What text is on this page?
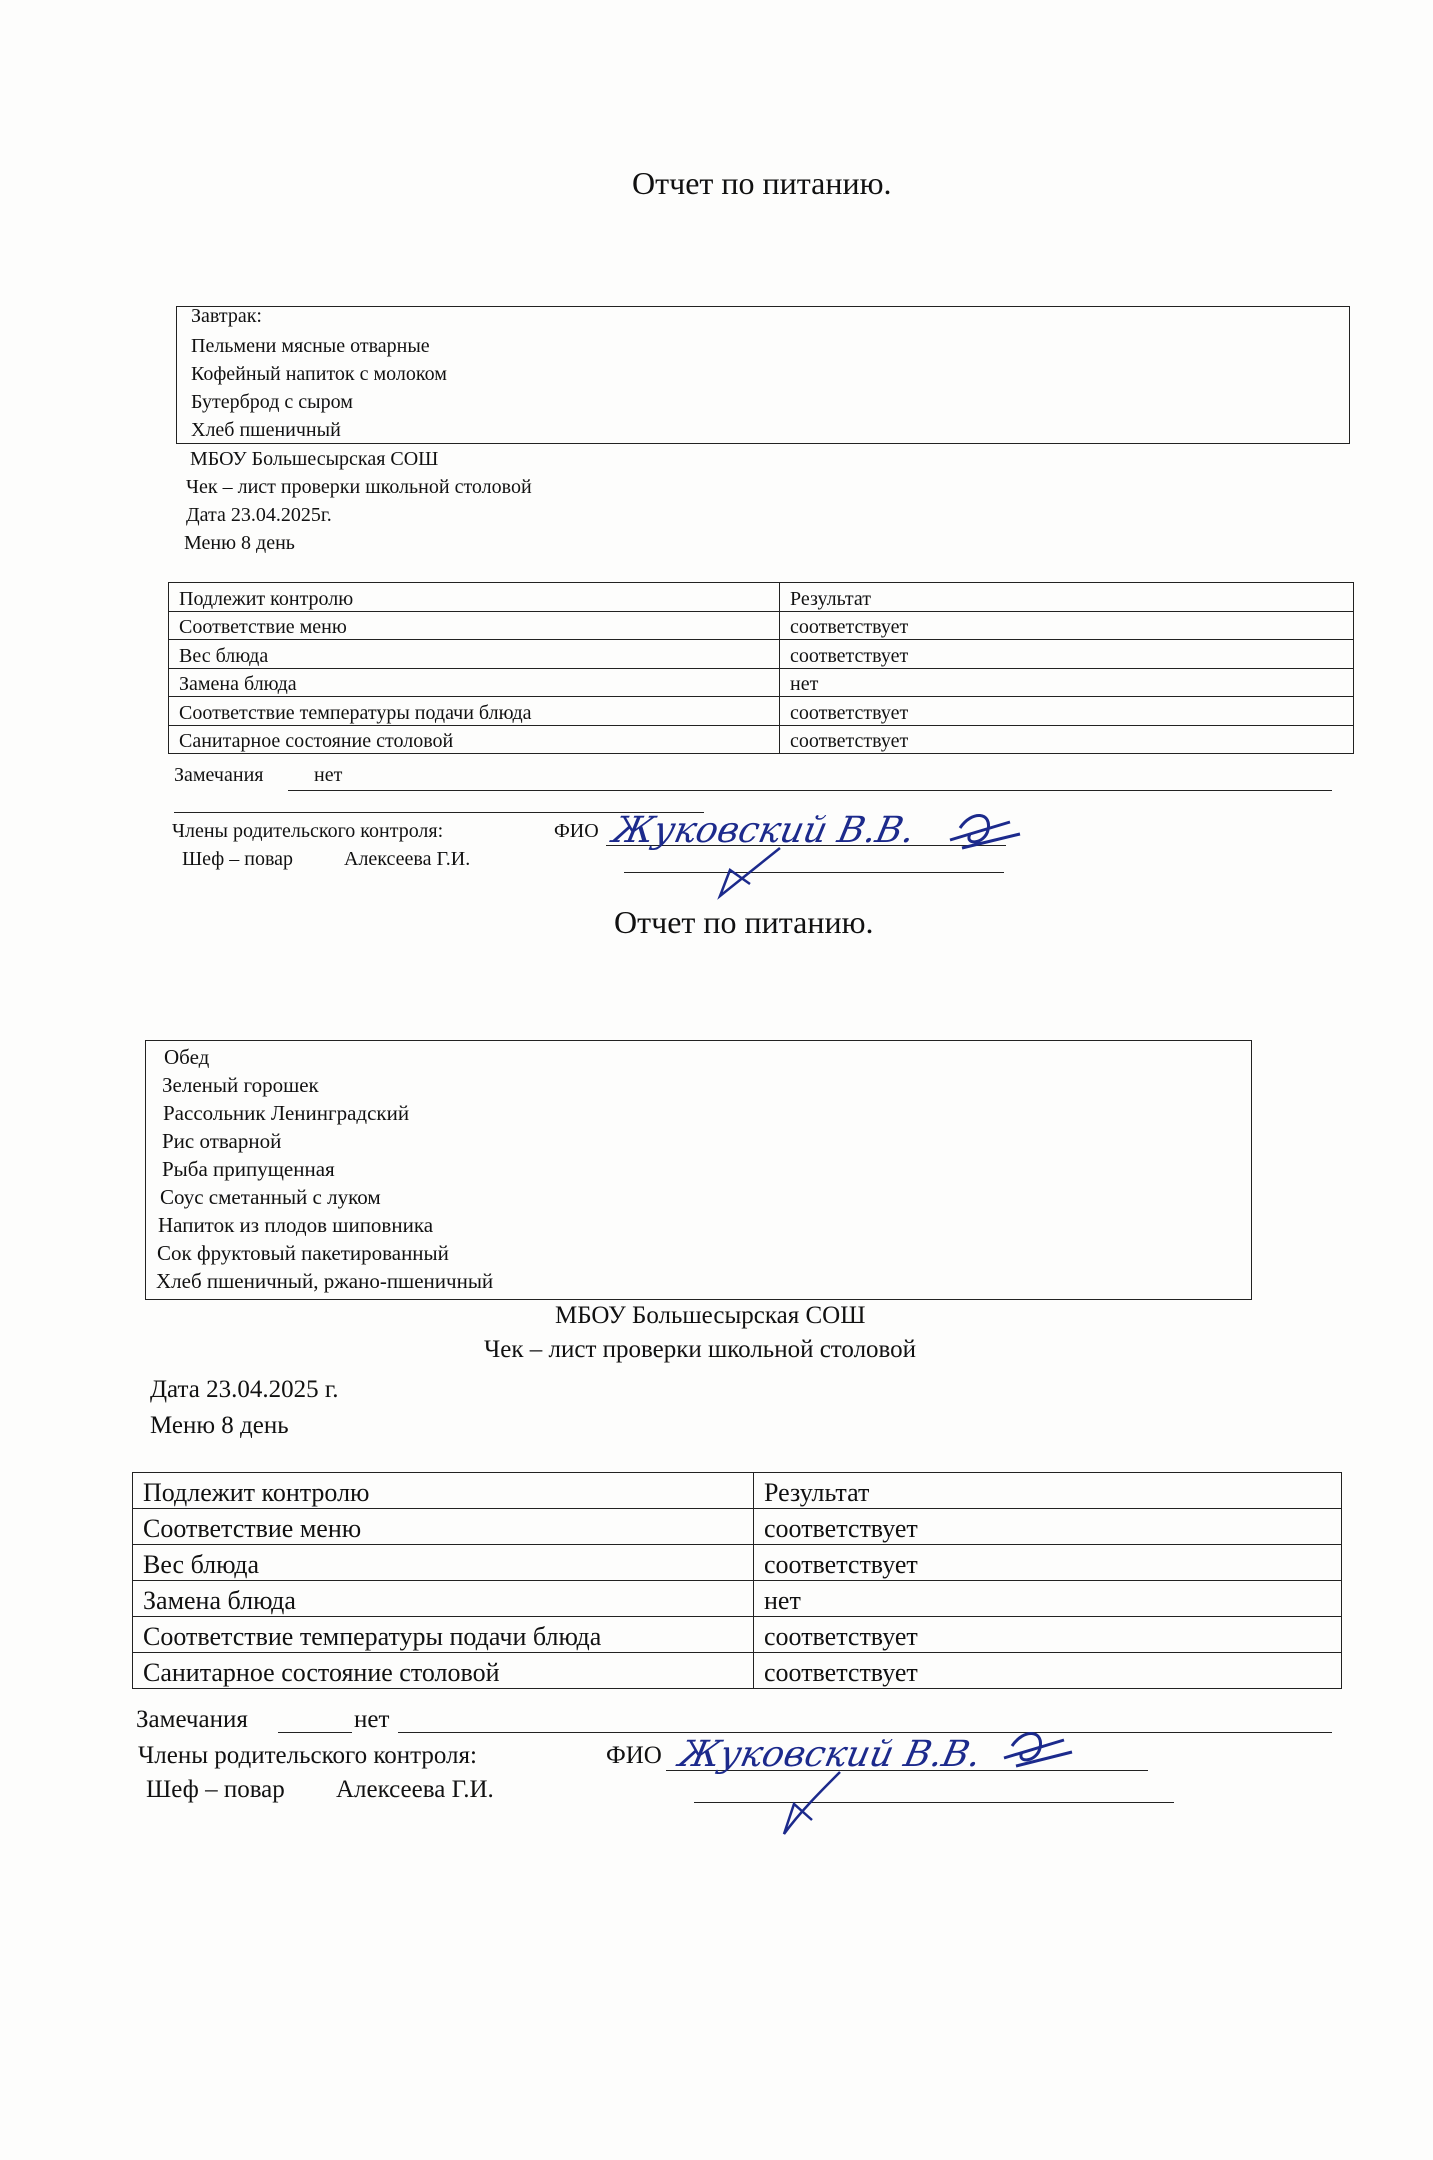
Отчет по питанию.
Завтрак:
Пельмени мясные отварные
Кофейный напиток с молоком
Бутерброд с сыром
Хлеб пшеничный
МБОУ Большесырская СОШ
Чек – лист проверки школьной столовой
Дата 23.04.2025г.
Меню 8 день
Подлежит контролю	Результат
Соответствие меню	соответствует
Вес блюда	соответствует
Замена блюда	нет
Соответствие температуры подачи блюда	соответствует
Санитарное состояние столовой	соответствует
Замечания	нет
Члены родительского контроля:	ФИО
Шеф – повар	Алексеева Г.И.
Жуковский В.В.
Отчет по питанию.
Обед
Зеленый горошек
Рассольник Ленинградский
Рис отварной
Рыба припущенная
Соус сметанный с луком
Напиток из плодов шиповника
Сок фруктовый пакетированный
Хлеб пшеничный, ржано-пшеничный
МБОУ Большесырская СОШ
Чек – лист проверки школьной столовой
Дата 23.04.2025 г.
Меню 8 день
Подлежит контролю	Результат
Соответствие меню	соответствует
Вес блюда	соответствует
Замена блюда	нет
Соответствие температуры подачи блюда	соответствует
Санитарное состояние столовой	соответствует
Замечания	нет
Члены родительского контроля:	ФИО
Шеф – повар Алексеева Г.И.
Жуковский В.В.
